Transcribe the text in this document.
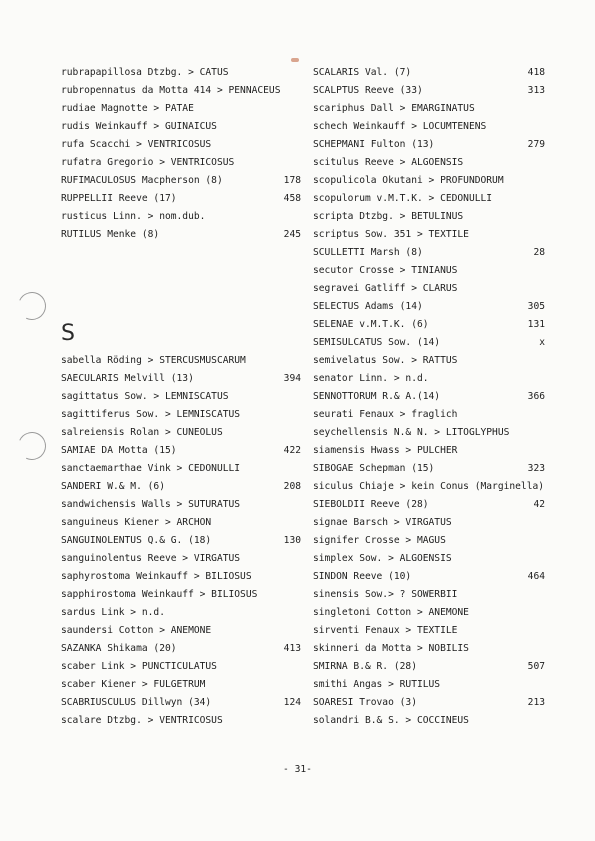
rubrapapillosa Dtzbg. > CATUS
rubropennatus da Motta 414 > PENNACEUS
rudiae Magnotte > PATAE
rudis Weinkauff > GUINAICUS
rufa Scacchi > VENTRICOSUS
rufatra Gregorio > VENTRICOSUS
RUFIMACULOSUS Macpherson (8)	178
RUPPELLII Reeve (17)	458
rusticus Linn. > nom.dub.
RUTILUS Menke (8)	245
S
sabella Röding > STERCUSMUSCARUM
SAECULARIS Melvill (13)	394
sagittatus Sow. > LEMNISCATUS
sagittiferus Sow. > LEMNISCATUS
salreiensis Rolan > CUNEOLUS
SAMIAE DA Motta (15)	422
sanctaemarthae Vink > CEDONULLI
SANDERI W.& M. (6)	208
sandwichensis Walls > SUTURATUS
sanguineus Kiener > ARCHON
SANGUINOLENTUS Q.& G. (18)	130
sanguinolentus Reeve > VIRGATUS
saphyrostoma Weinkauff > BILIOSUS
sapphirostoma Weinkauff > BILIOSUS
sardus Link > n.d.
saundersi Cotton > ANEMONE
SAZANKA Shikama (20)	413
scaber Link > PUNCTICULATUS
scaber Kiener > FULGETRUM
SCABRIUSCULUS Dillwyn (34)	124
scalare Dtzbg. > VENTRICOSUS
SCALARIS Val. (7)	418
SCALPTUS Reeve (33)	313
scariphus Dall > EMARGINATUS
schech Weinkauff > LOCUMTENENS
SCHEPMANI Fulton (13)	279
scitulus Reeve > ALGOENSIS
scopulicola Okutani > PROFUNDORUM
scopulorum v.M.T.K. > CEDONULLI
scripta Dtzbg. > BETULINUS
scriptus Sow. 351 > TEXTILE
SCULLETTI Marsh (8)	28
secutor Crosse > TINIANUS
segravei Gatliff > CLARUS
SELECTUS Adams (14)	305
SELENAE v.M.T.K. (6)	131
SEMISULCATUS Sow. (14)	x
semivelatus Sow. > RATTUS
senator Linn. > n.d.
SENNOTTORUM R.& A.(14)	366
seurati Fenaux > fraglich
seychellensis N.& N. > LITOGLYPHUS
siamensis Hwass > PULCHER
SIBOGAE Schepman (15)	323
siculus Chiaje > kein Conus (Marginella)
SIEBOLDII Reeve (28)	42
signae Barsch > VIRGATUS
signifer Crosse > MAGUS
simplex Sow. > ALGOENSIS
SINDON Reeve (10)	464
sinensis Sow.> ? SOWERBII
singletoni Cotton > ANEMONE
sirventi Fenaux > TEXTILE
skinneri da Motta > NOBILIS
SMIRNA B.& R. (28)	507
smithi Angas > RUTILUS
SOARESI Trovao (3)	213
solandri B.& S. > COCCINEUS
- 31-
